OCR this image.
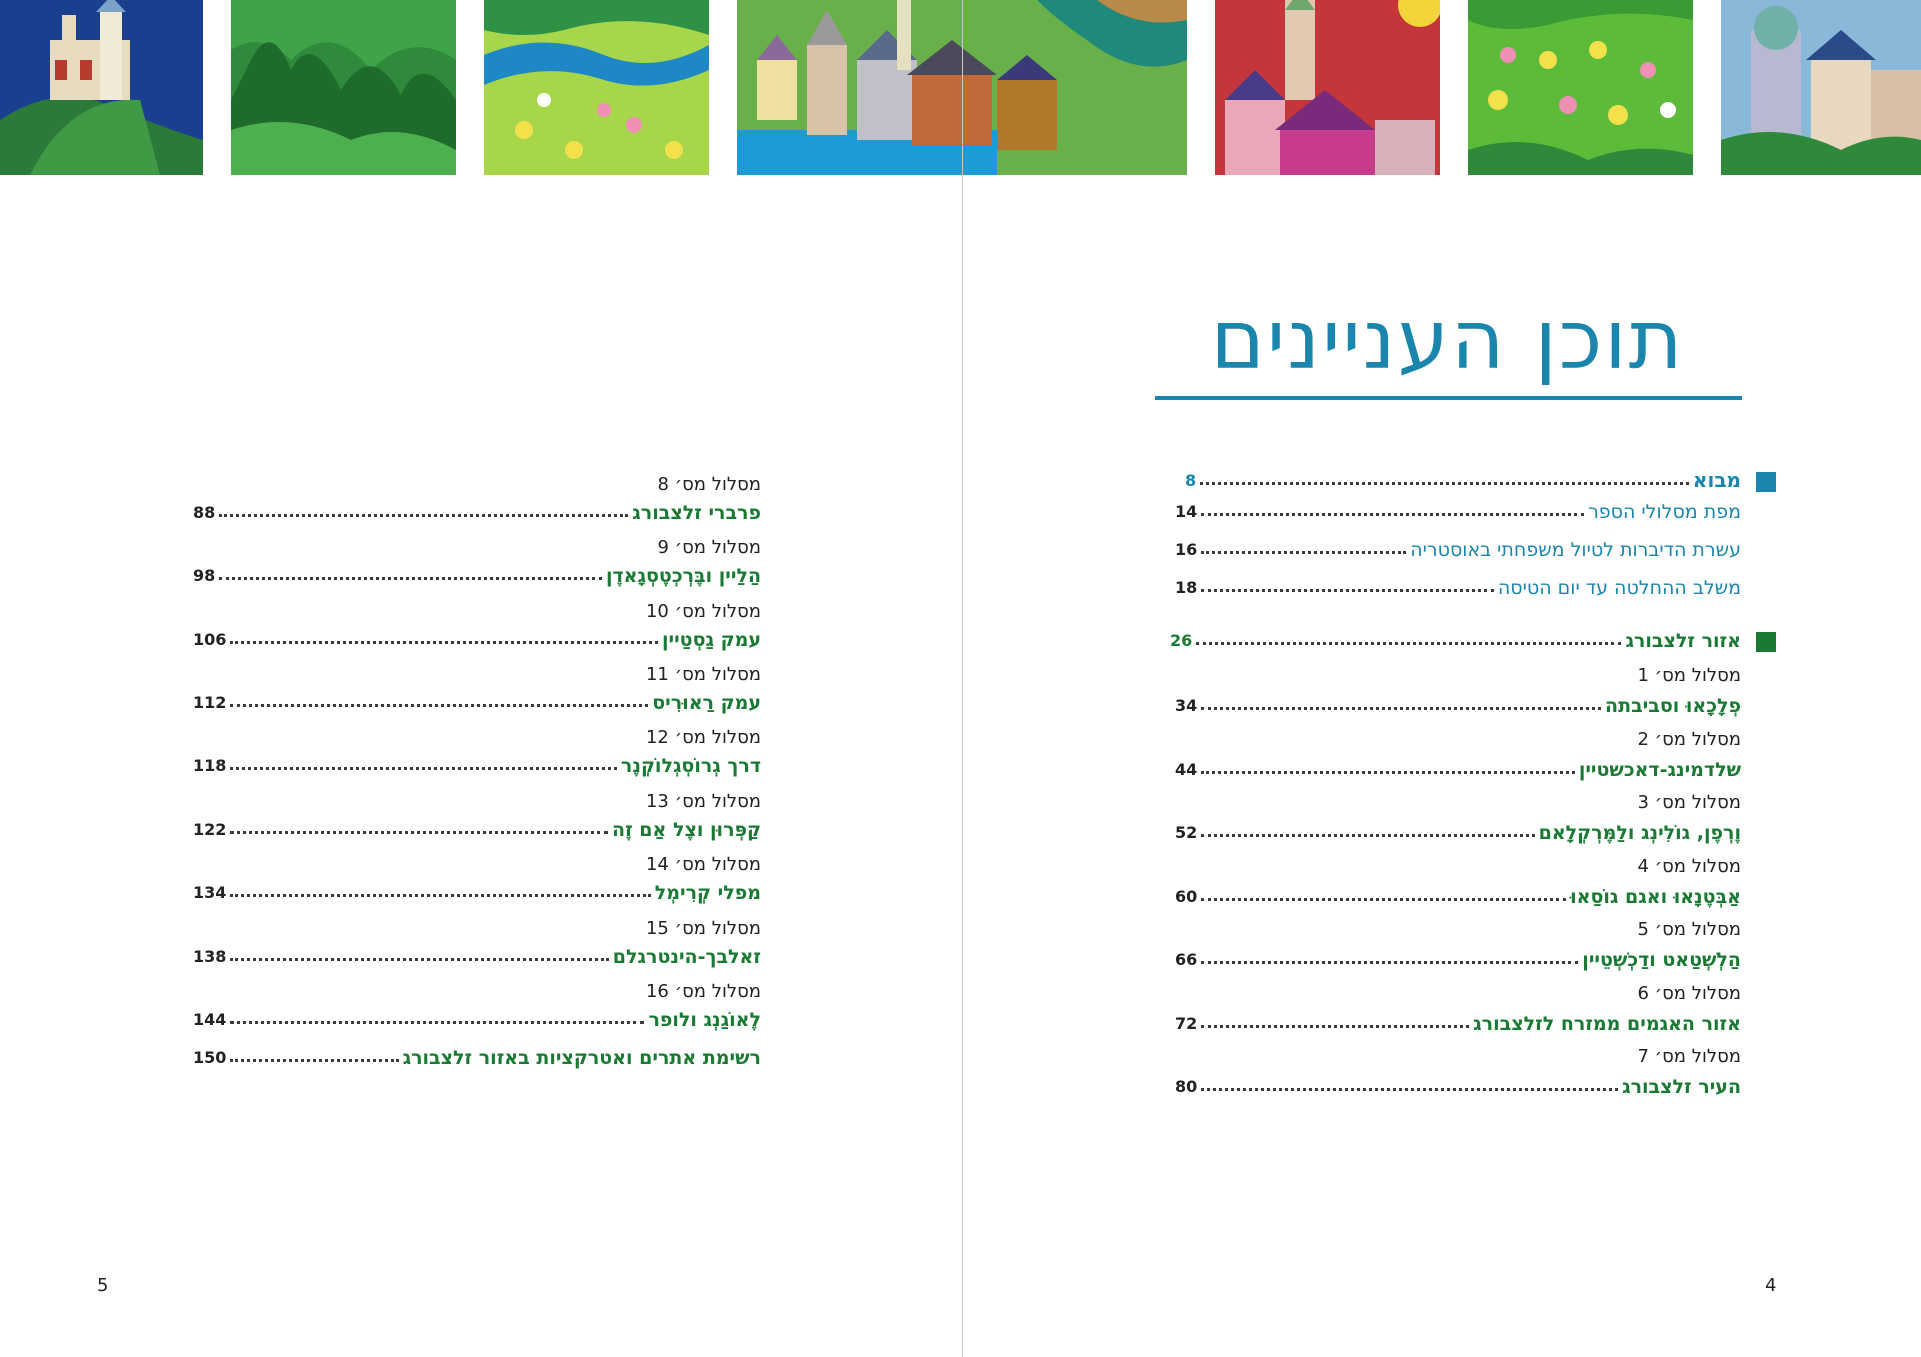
תוכן העניינים
8	מבוא
14	מפת מסלולי הספר
16	עשרת הדיברות לטיול משפחתי באוסטריה
18	משלב ההחלטה עד יום הטיסה
26	אזור זלצבורג
מסלול מס׳ 1
34	פְלָכָאוּ וסביבתה
מסלול מס׳ 2
44	שלדמינג-דאכשטיין
מסלול מס׳ 3
52	וֶרְפֶן, גוֹלִינְג ולַמֶּרְקְלָאם
מסלול מס׳ 4
60	אַבְּטֶנָאוּ ואגם גוֹסַאוּ
מסלול מס׳ 5
66	הַלְשְׁטַאט ודַכְשְׁטֵיין
מסלול מס׳ 6
72	אזור האגמים ממזרח לזלצבורג
מסלול מס׳ 7
80	העיר זלצבורג
מסלול מס׳ 8
88	פרברי זלצבורג
מסלול מס׳ 9
98	הַלַיין ובֶּרְכְטֶסְגָאדֶן
מסלול מס׳ 10
106	עמק גַסְטַיין
מסלול מס׳ 11
112	עמק רַאוּרִיס
מסלול מס׳ 12
118	דרך גְרוֹסְגְלוֹקְנֶר
מסלול מס׳ 13
122	קַפְּרוּן וצֶל אַם זֶה
מסלול מס׳ 14
134	מפלי קְרִימְל
מסלול מס׳ 15
138	זאלבך-הינטרגלם
מסלול מס׳ 16
144	לֶאוֹגַנְג ולופר
150	רשימת אתרים ואטרקציות באזור זלצבורג
5	4
